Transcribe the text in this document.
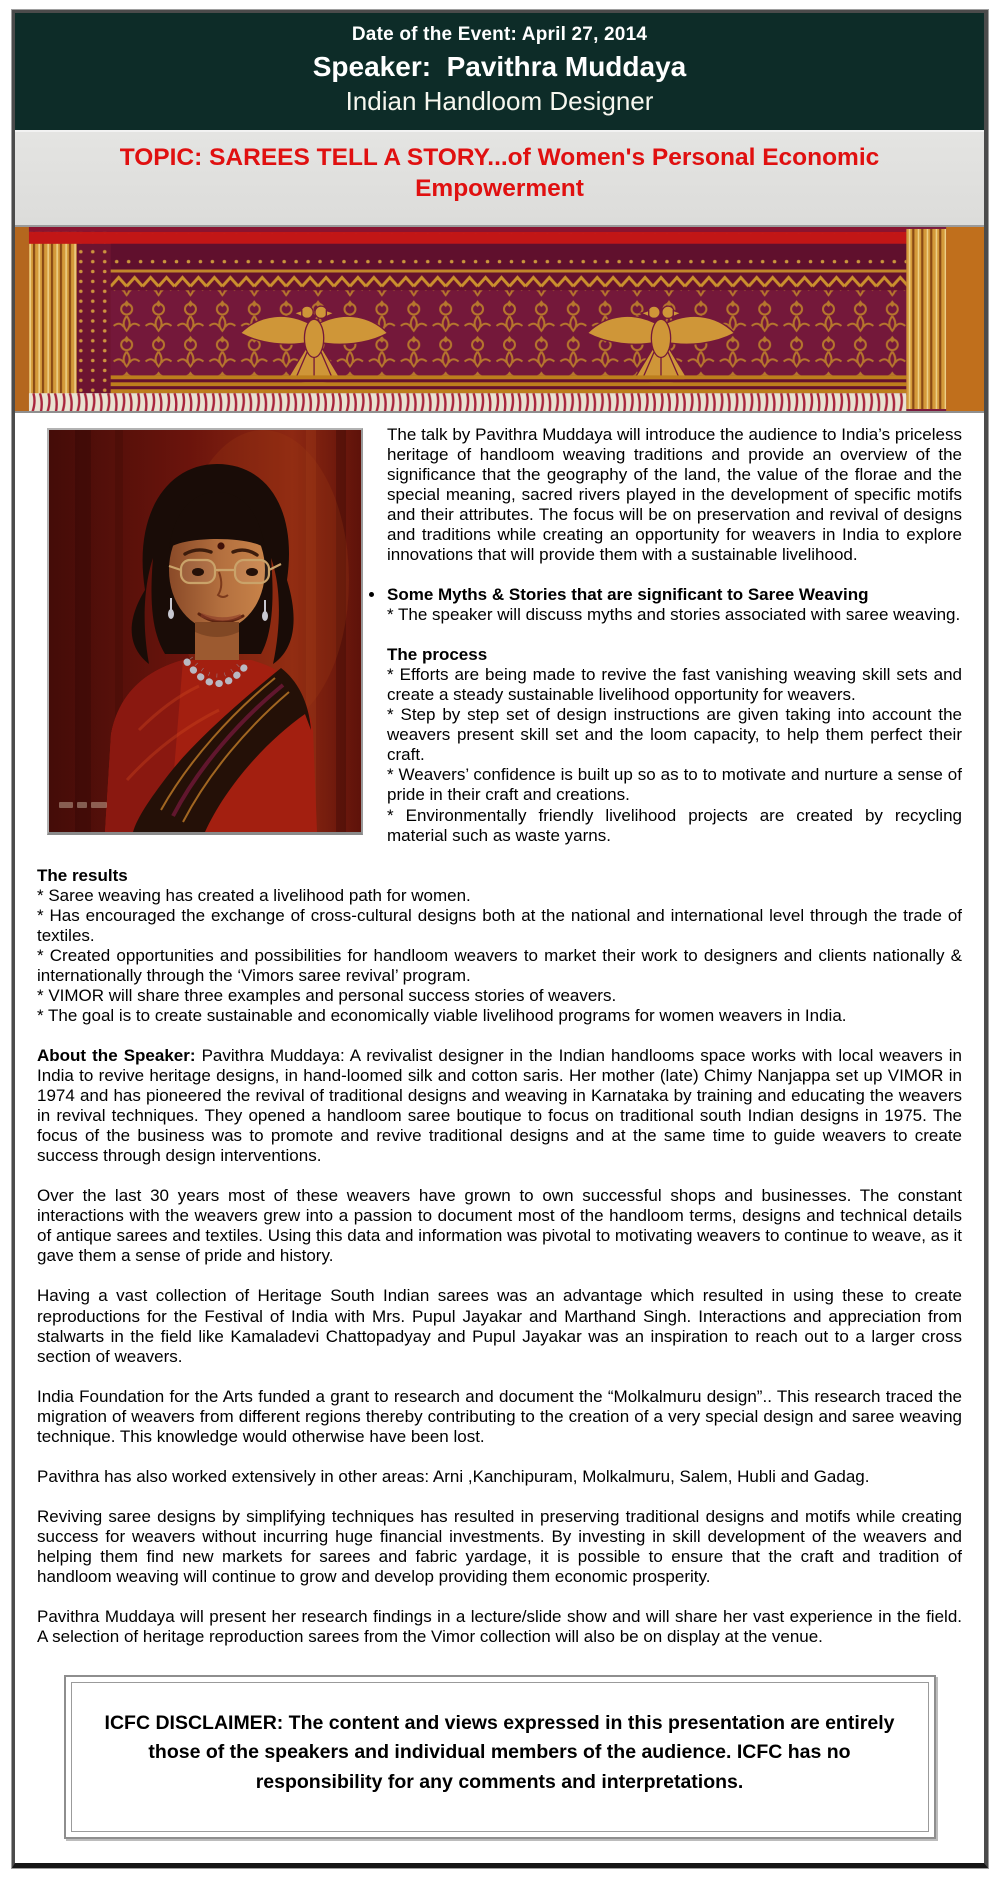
Date of the Event: April 27, 2014
Speaker:  Pavithra Muddaya
Indian Handloom Designer
TOPIC: SAREES TELL A STORY...of Women's Personal Economic Empowerment

The talk by Pavithra Muddaya will introduce the audience to India’s priceless heritage of handloom weaving traditions and provide an overview of the significance that the geography of the land, the value of the florae and the special meaning, sacred rivers played in the development of specific motifs and their attributes. The focus will be on preservation and revival of designs and traditions while creating an opportunity for weavers in India to explore innovations that will provide them with a sustainable livelihood.

• Some Myths & Stories that are significant to Saree Weaving
* The speaker will discuss myths and stories associated with saree weaving.

The process

* Efforts are being made to revive the fast vanishing weaving skill sets and create a steady sustainable livelihood opportunity for weavers.

* Step by step set of design instructions are given taking into account the weavers present skill set and the loom capacity, to help them perfect their craft.

* Weavers’ confidence is built up so as to to motivate and nurture a sense of pride in their craft and creations.

* Environmentally friendly livelihood projects are created by recycling material such as waste yarns.

The results

* Saree weaving has created a livelihood path for women.

* Has encouraged the exchange of cross-cultural designs both at the national and international level through the trade of textiles.

* Created opportunities and possibilities for handloom weavers to market their work to designers and clients nationally & internationally through the ‘Vimors saree revival’ program.

* VIMOR will share three examples and personal success stories of weavers.

* The goal is to create sustainable and economically viable livelihood programs for women weavers in India.

About the Speaker: Pavithra Muddaya: A revivalist designer in the Indian handlooms space works with local weavers in India to revive heritage designs, in hand-loomed silk and cotton saris. Her mother (late) Chimy Nanjappa set up VIMOR in 1974 and has pioneered the revival of traditional designs and weaving in Karnataka by training and educating the weavers in revival techniques. They opened a handloom saree boutique to focus on traditional south Indian designs in 1975. The focus of the business was to promote and revive traditional designs and at the same time to guide weavers to create success through design interventions.

Over the last 30 years most of these weavers have grown to own successful shops and businesses. The constant interactions with the weavers grew into a passion to document most of the handloom terms, designs and technical details of antique sarees and textiles. Using this data and information was pivotal to motivating weavers to continue to weave, as it gave them a sense of pride and history.

Having a vast collection of Heritage South Indian sarees was an advantage which resulted in using these to create reproductions for the Festival of India with Mrs. Pupul Jayakar and Marthand Singh. Interactions and appreciation from stalwarts in the field like Kamaladevi Chattopadyay and Pupul Jayakar was an inspiration to reach out to a larger cross section of weavers.

India Foundation for the Arts funded a grant to research and document the “Molkalmuru design”.. This research traced the migration of weavers from different regions thereby contributing to the creation of a very special design and saree weaving technique. This knowledge would otherwise have been lost.

Pavithra has also worked extensively in other areas: Arni ,Kanchipuram, Molkalmuru, Salem, Hubli and Gadag.

Reviving saree designs by simplifying techniques has resulted in preserving traditional designs and motifs while creating success for weavers without incurring huge financial investments. By investing in skill development of the weavers and helping them find new markets for sarees and fabric yardage, it is possible to ensure that the craft and tradition of handloom weaving will continue to grow and develop providing them economic prosperity.

Pavithra Muddaya will present her research findings in a lecture/slide show and will share her vast experience in the field. A selection of heritage reproduction sarees from the Vimor collection will also be on display at the venue.

ICFC DISCLAIMER: The content and views expressed in this presentation are entirely those of the speakers and individual members of the audience. ICFC has no responsibility for any comments and interpretations.
